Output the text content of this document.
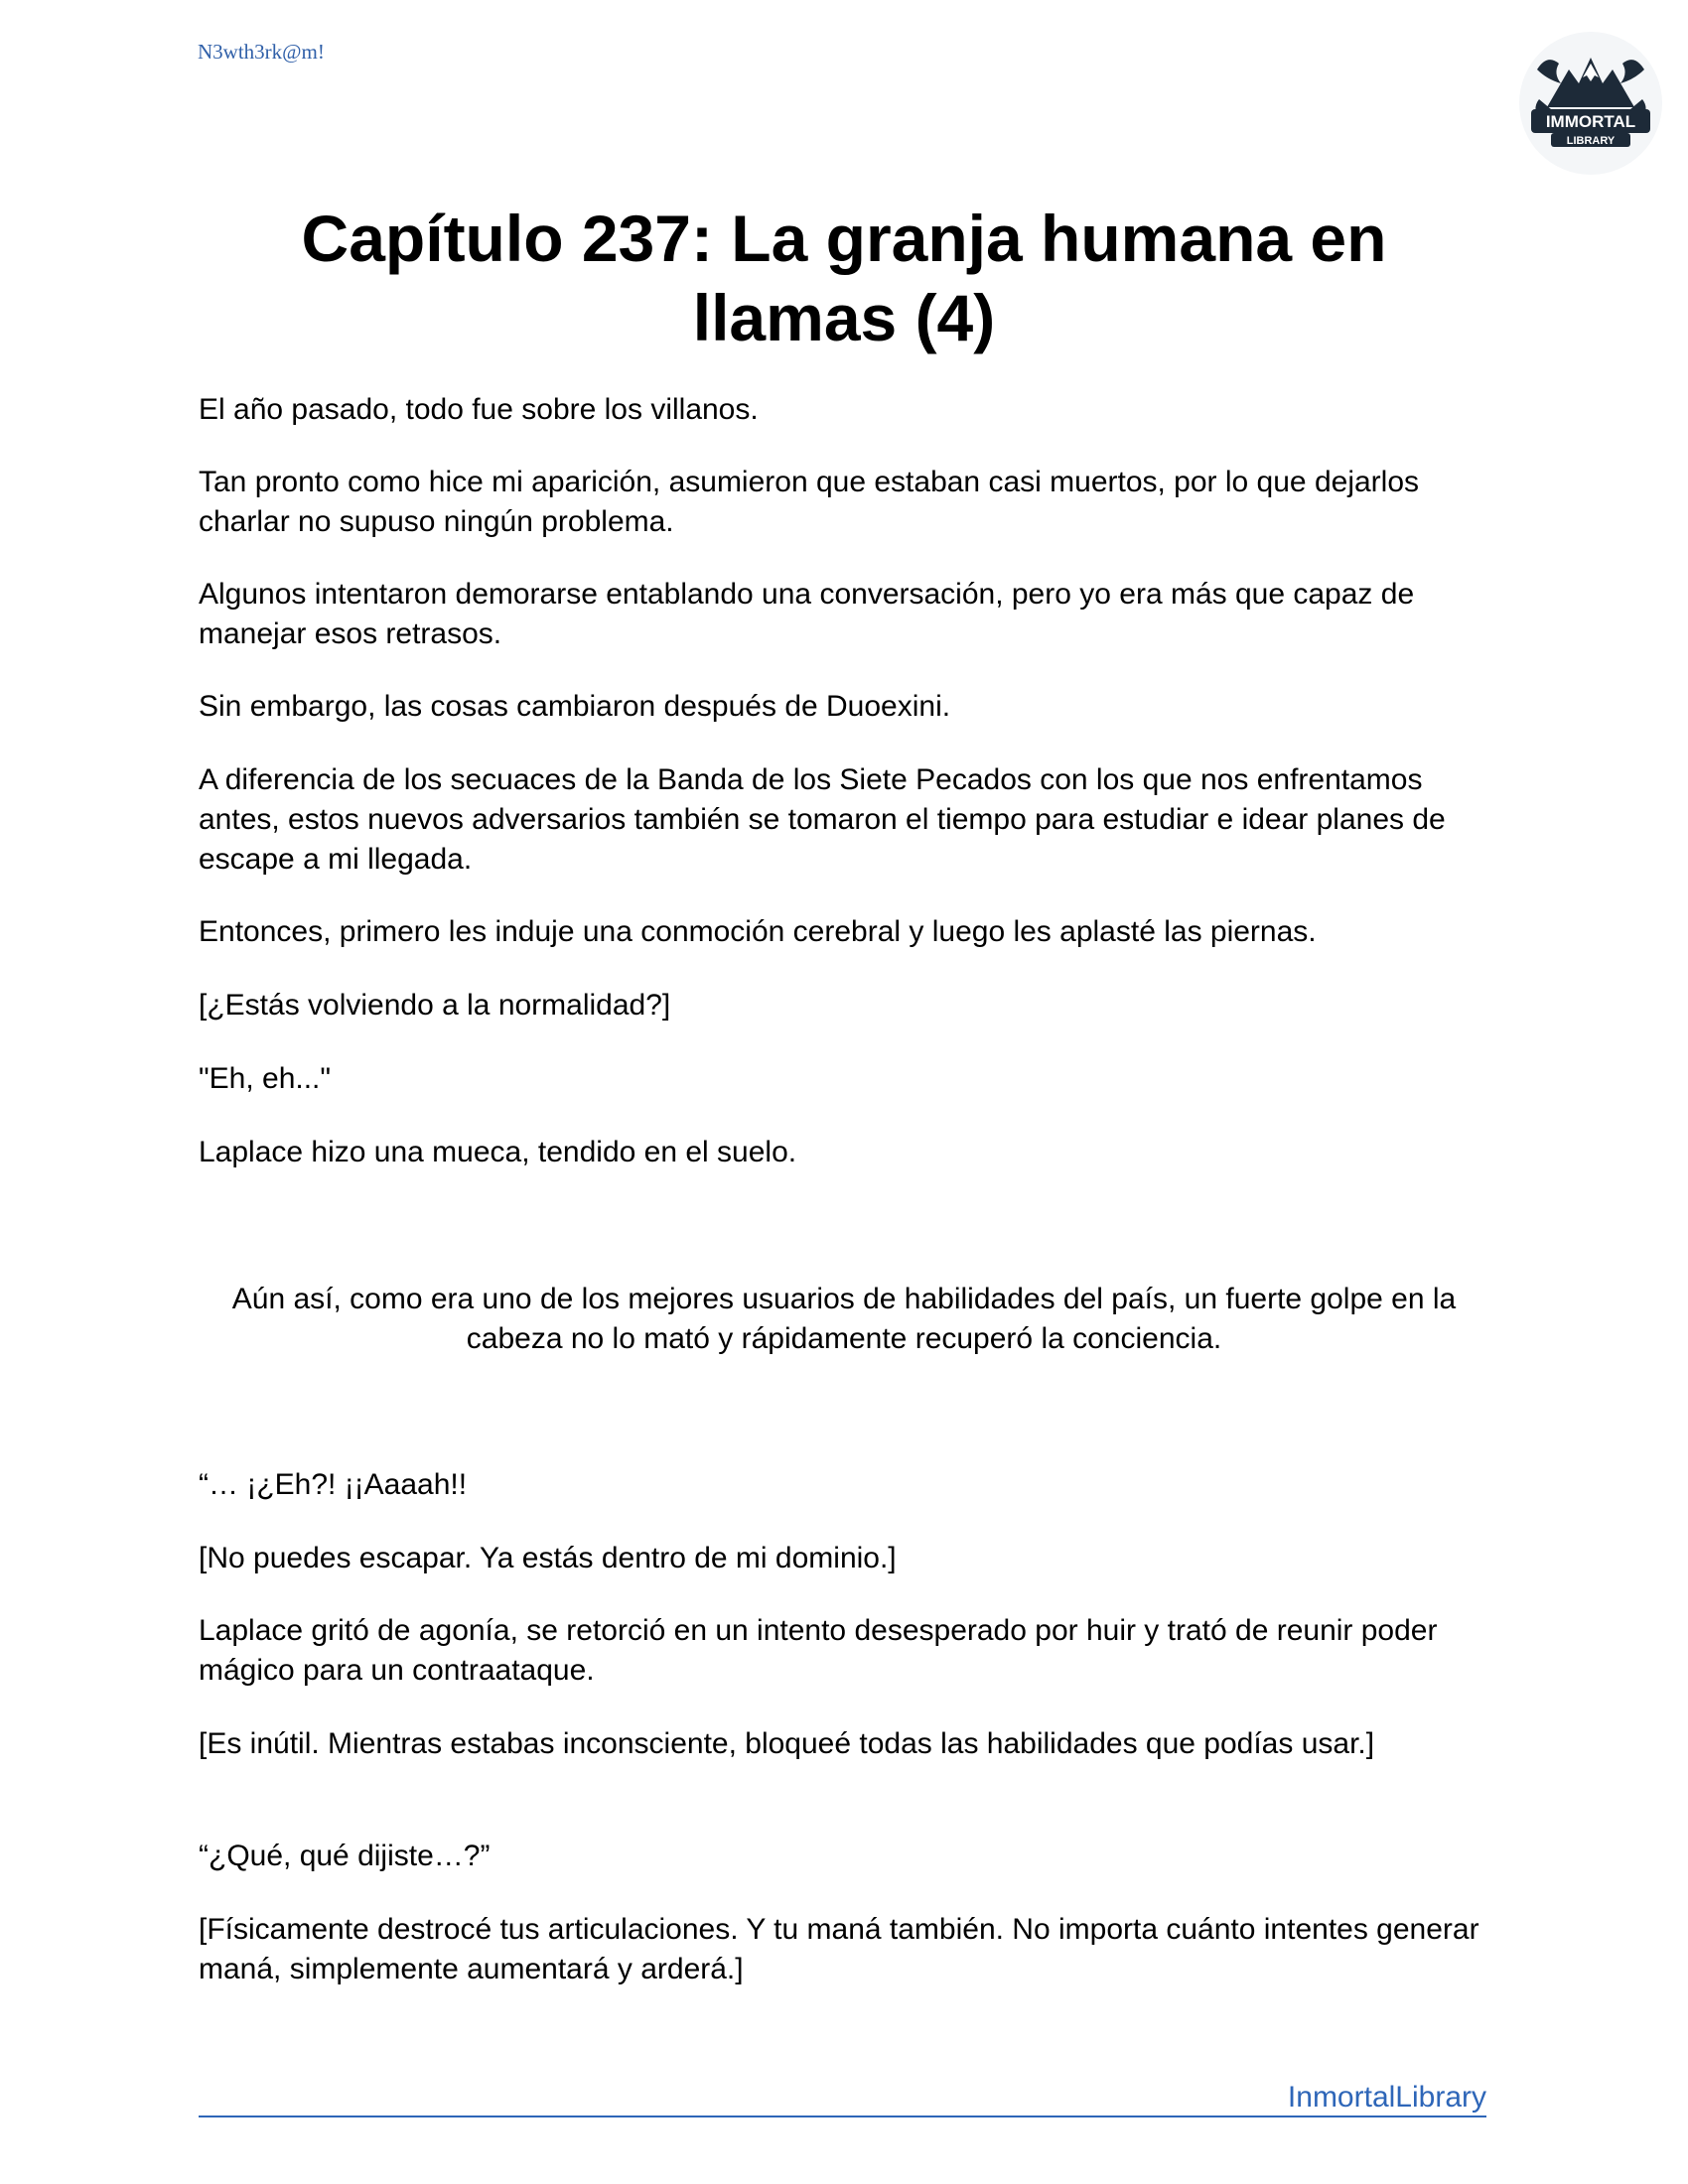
N3wth3rk@m!
IMMORTAL
LIBRARY
Capítulo 237: La granja humana en
llamas (4)

El año pasado, todo fue sobre los villanos.

Tan pronto como hice mi aparición, asumieron que estaban casi muertos, por lo que dejarlos charlar no supuso ningún problema.

Algunos intentaron demorarse entablando una conversación, pero yo era más que capaz de manejar esos retrasos.

Sin embargo, las cosas cambiaron después de Duoexini.

A diferencia de los secuaces de la Banda de los Siete Pecados con los que nos enfrentamos antes, estos nuevos adversarios también se tomaron el tiempo para estudiar e idear planes de escape a mi llegada.

Entonces, primero les induje una conmoción cerebral y luego les aplasté las piernas.

[¿Estás volviendo a la normalidad?]

"Eh, eh..."

Laplace hizo una mueca, tendido en el suelo.

Aún así, como era uno de los mejores usuarios de habilidades del país, un fuerte golpe en la cabeza no lo mató y rápidamente recuperó la conciencia.

“… ¡¿Eh?! ¡¡Aaaah!!

[No puedes escapar. Ya estás dentro de mi dominio.]

Laplace gritó de agonía, se retorció en un intento desesperado por huir y trató de reunir poder mágico para un contraataque.

[Es inútil. Mientras estabas inconsciente, bloqueé todas las habilidades que podías usar.]

“¿Qué, qué dijiste…?”

[Físicamente destrocé tus articulaciones. Y tu maná también. No importa cuánto intentes generar maná, simplemente aumentará y arderá.]

InmortalLibrary
